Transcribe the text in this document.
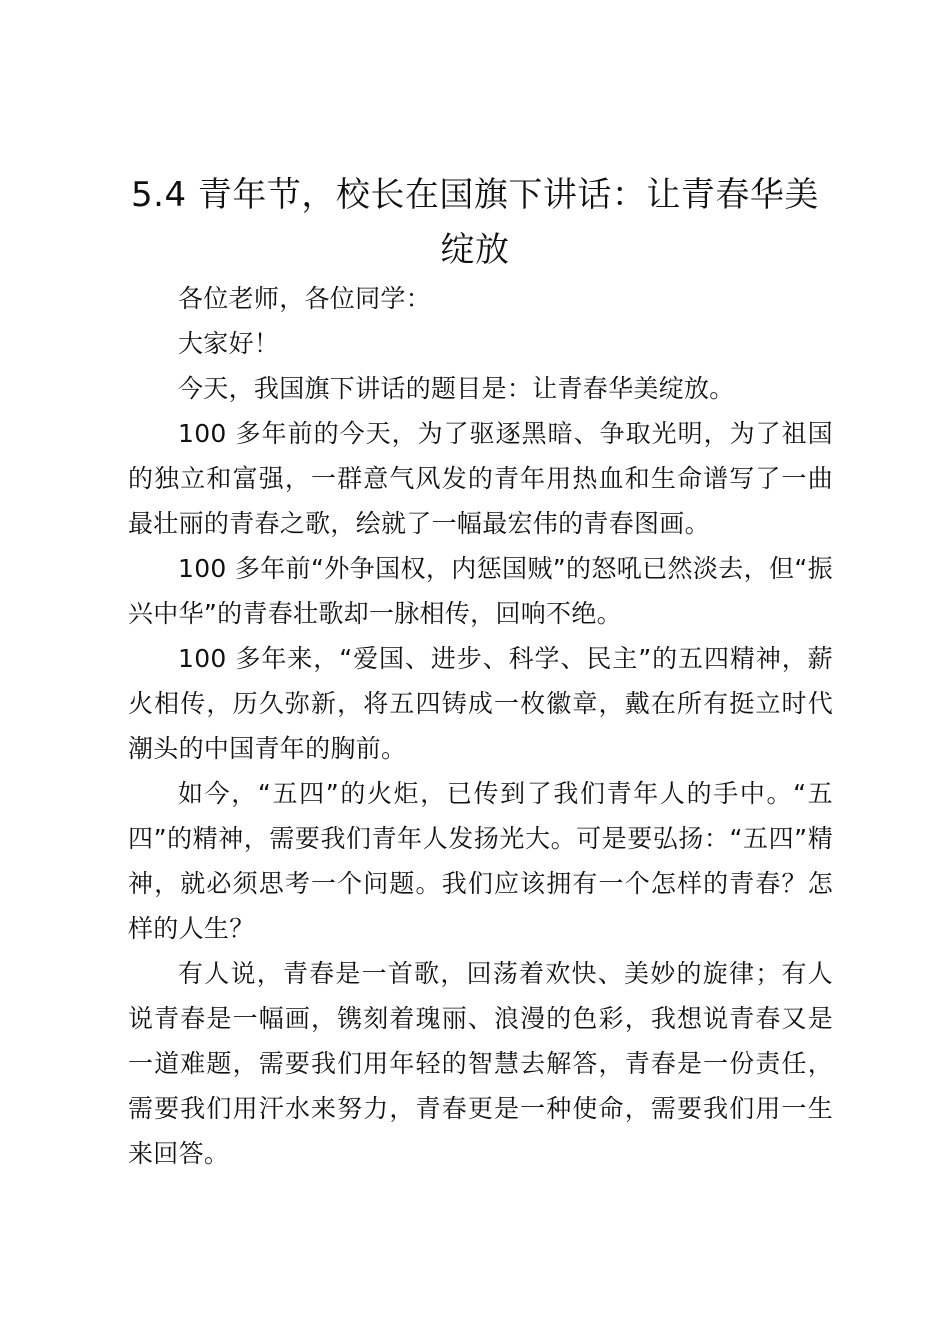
5.4 青年节，校长在国旗下讲话：让青春华美绽放

各位老师，各位同学：

大家好！

今天，我国旗下讲话的题目是：让青春华美绽放。

100 多年前的今天，为了驱逐黑暗、争取光明，为了祖国的独立和富强，一群意气风发的青年用热血和生命谱写了一曲最壮丽的青春之歌，绘就了一幅最宏伟的青春图画。

100 多年前“外争国权，内惩国贼”的怒吼已然淡去，但“振兴中华”的青春壮歌却一脉相传，回响不绝。

100 多年来，“爱国、进步、科学、民主”的五四精神，薪火相传，历久弥新，将五四铸成一枚徽章，戴在所有挺立时代潮头的中国青年的胸前。

如今，“五四”的火炬，已传到了我们青年人的手中。“五四”的精神，需要我们青年人发扬光大。可是要弘扬：“五四”精神，就必须思考一个问题。我们应该拥有一个怎样的青春？怎样的人生？

有人说，青春是一首歌，回荡着欢快、美妙的旋律；有人说青春是一幅画，镌刻着瑰丽、浪漫的色彩，我想说青春又是一道难题，需要我们用年轻的智慧去解答，青春是一份责任，需要我们用汗水来努力，青春更是一种使命，需要我们用一生来回答。
